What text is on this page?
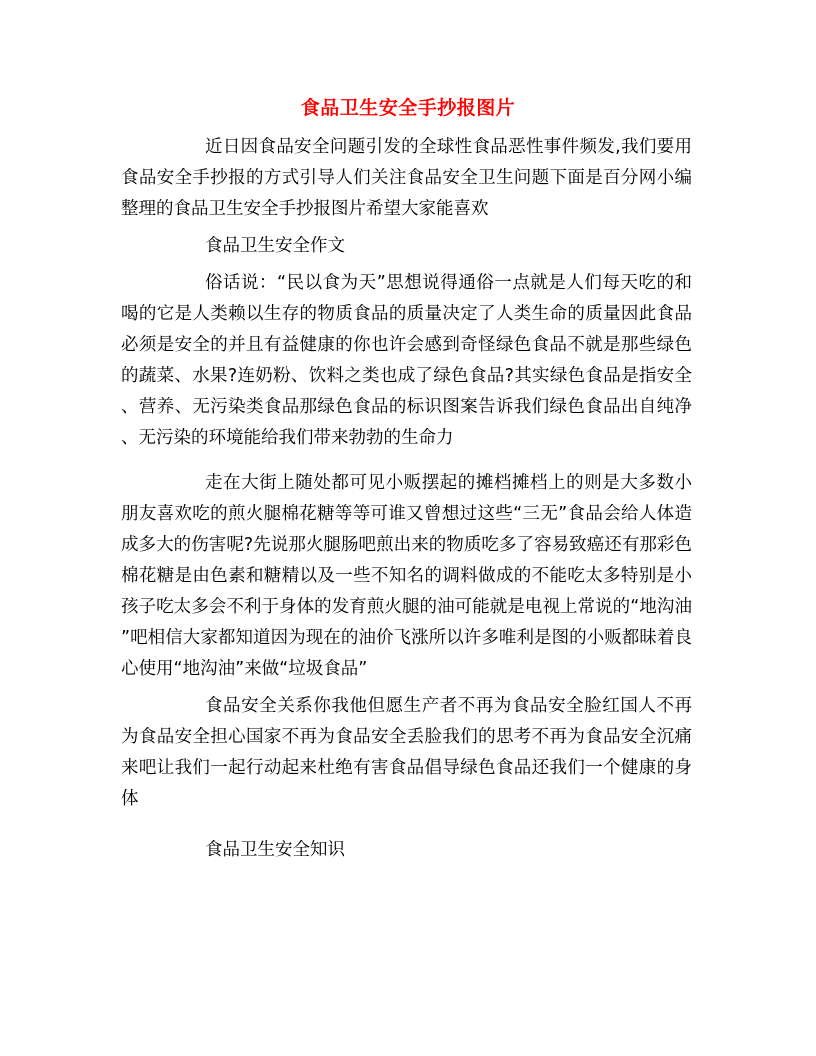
食品卫生安全手抄报图片

近日因食品安全问题引发的全球性食品恶性事件频发,我们要用食品安全手抄报的方式引导人们关注食品安全卫生问题下面是百分网小编整理的食品卫生安全手抄报图片希望大家能喜欢

食品卫生安全作文

俗话说：“民以食为天”思想说得通俗一点就是人们每天吃的和喝的它是人类赖以生存的物质食品的质量决定了人类生命的质量因此食品必须是安全的并且有益健康的你也许会感到奇怪绿色食品不就是那些绿色的蔬菜、水果?连奶粉、饮料之类也成了绿色食品?其实绿色食品是指安全、营养、无污染类食品那绿色食品的标识图案告诉我们绿色食品出自纯净、无污染的环境能给我们带来勃勃的生命力

走在大街上随处都可见小贩摆起的摊档摊档上的则是大多数小朋友喜欢吃的煎火腿棉花糖等等可谁又曾想过这些“三无”食品会给人体造成多大的伤害呢?先说那火腿肠吧煎出来的物质吃多了容易致癌还有那彩色棉花糖是由色素和糖精以及一些不知名的调料做成的不能吃太多特别是小孩子吃太多会不利于身体的发育煎火腿的油可能就是电视上常说的“地沟油”吧相信大家都知道因为现在的油价飞涨所以许多唯利是图的小贩都昧着良心使用“地沟油”来做“垃圾食品”

食品安全关系你我他但愿生产者不再为食品安全脸红国人不再为食品安全担心国家不再为食品安全丢脸我们的思考不再为食品安全沉痛来吧让我们一起行动起来杜绝有害食品倡导绿色食品还我们一个健康的身体

食品卫生安全知识
